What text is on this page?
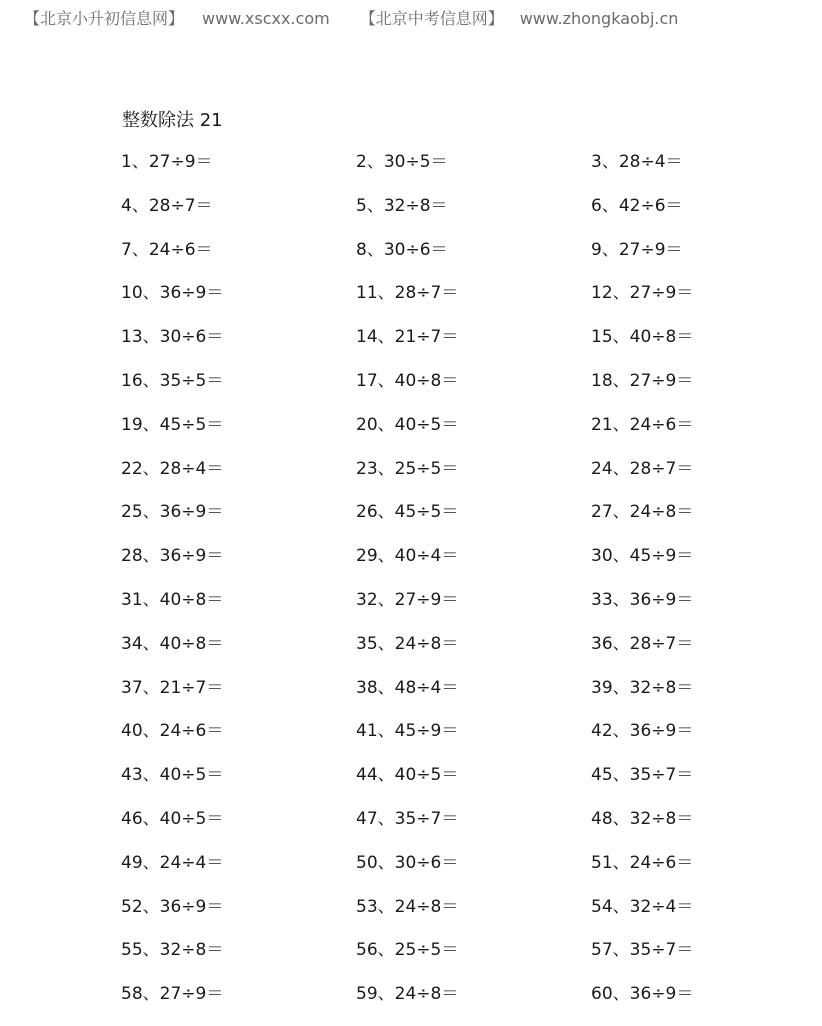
【北京小升初信息网】 www.xscxx.com 【北京中考信息网】 www.zhongkaobj.cn
整数除法 21
1、27÷9＝	2、30÷5＝	3、28÷4＝
4、28÷7＝	5、32÷8＝	6、42÷6＝
7、24÷6＝	8、30÷6＝	9、27÷9＝
10、36÷9＝	11、28÷7＝	12、27÷9＝
13、30÷6＝	14、21÷7＝	15、40÷8＝
16、35÷5＝	17、40÷8＝	18、27÷9＝
19、45÷5＝	20、40÷5＝	21、24÷6＝
22、28÷4＝	23、25÷5＝	24、28÷7＝
25、36÷9＝	26、45÷5＝	27、24÷8＝
28、36÷9＝	29、40÷4＝	30、45÷9＝
31、40÷8＝	32、27÷9＝	33、36÷9＝
34、40÷8＝	35、24÷8＝	36、28÷7＝
37、21÷7＝	38、48÷4＝	39、32÷8＝
40、24÷6＝	41、45÷9＝	42、36÷9＝
43、40÷5＝	44、40÷5＝	45、35÷7＝
46、40÷5＝	47、35÷7＝	48、32÷8＝
49、24÷4＝	50、30÷6＝	51、24÷6＝
52、36÷9＝	53、24÷8＝	54、32÷4＝
55、32÷8＝	56、25÷5＝	57、35÷7＝
58、27÷9＝	59、24÷8＝	60、36÷9＝
